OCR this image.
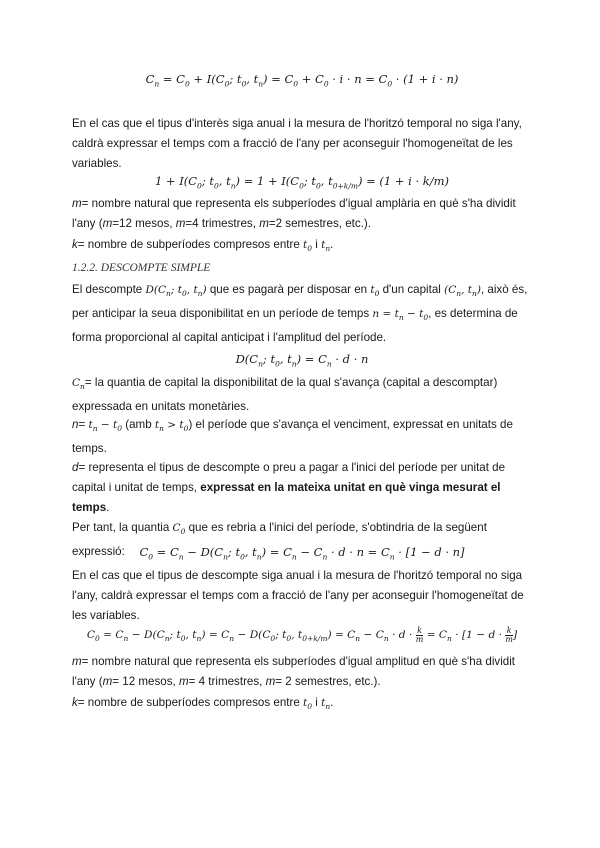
$C_n = C_0 + I(C_0$; $t_0$, $t_n) = C_0 + C_0 \cdot i \cdot n = C_0 \cdot (1 + i \cdot n)$
En el cas que el tipus d'interès siga anual i la mesura de l'horitzó temporal no siga l'any, caldrà expressar el temps com a fracció de l'any per aconseguir l'homogeneïtat de les variables.
$1 + I(C_0$; $t_0$, $t_n) = 1 + I(C_0$; $t_0$, $t_{0+k/m}) = (1 + i \cdot k/m)$
m= nombre natural que representa els subperíodes d'igual amplària en què s'ha dividit l'any (m=12 mesos, m=4 trimestres, m=2 semestres, etc.).
k= nombre de subperíodes compresos entre $t_0$ i $t_n$.
1.2.2. DESCOMPTE SIMPLE
El descompte $D(C_n$; $t_0$, $t_n$) que es pagarà per disposar en $t_0$ d'un capital ($C_n$, $t_n$), això és, per anticipar la seua disponibilitat en un període de temps $n = t_n - t_0$, es determina de forma proporcional al capital anticipat i l'amplitud del període.
$D(C_n$; $t_0$, $t_n) = C_n \cdot d \cdot n$
$C_n=$ la quantia de capital la disponibilitat de la qual s'avança (capital a descomptar) expressada en unitats monetàries.
$n= t_n - t_0$ (amb $t_n > t_0$) el període que s'avança el venciment, expressat en unitats de temps.
d= representa el tipus de descompte o preu a pagar a l'inici del període per unitat de capital i unitat de temps, expressat en la mateixa unitat en què vinga mesurat el temps.
Per tant, la quantia $C_0$ que es rebria a l'inici del període, s'obtindria de la següent expressió:	$C_0 = C_n - D(C_n$; $t_0$, $t_n) = C_n - C_n \cdot d \cdot n = C_n \cdot [1 - d \cdot n]$
En el cas que el tipus de descompte siga anual i la mesura de l'horitzó temporal no siga l'any, caldrà expressar el temps com a fracció de l'any per aconseguir l'homogeneïtat de les variables.
$C_0 = C_n - D(C_n$; $t_0$, $t_n) = C_n - D(C_0$; $t_0$, $t_{0+k/m}) = C_n - C_n \cdot d \cdot \frac{k}{m} = C_n \cdot [1 - d \cdot \frac{k}{m}$ ]
m= nombre natural que representa els subperíodes d'igual amplitud en què s'ha dividit l'any (m= 12 mesos, m= 4 trimestres, m= 2 semestres, etc.).
k= nombre de subperíodes compresos entre $t_0$ i $t_n$.
